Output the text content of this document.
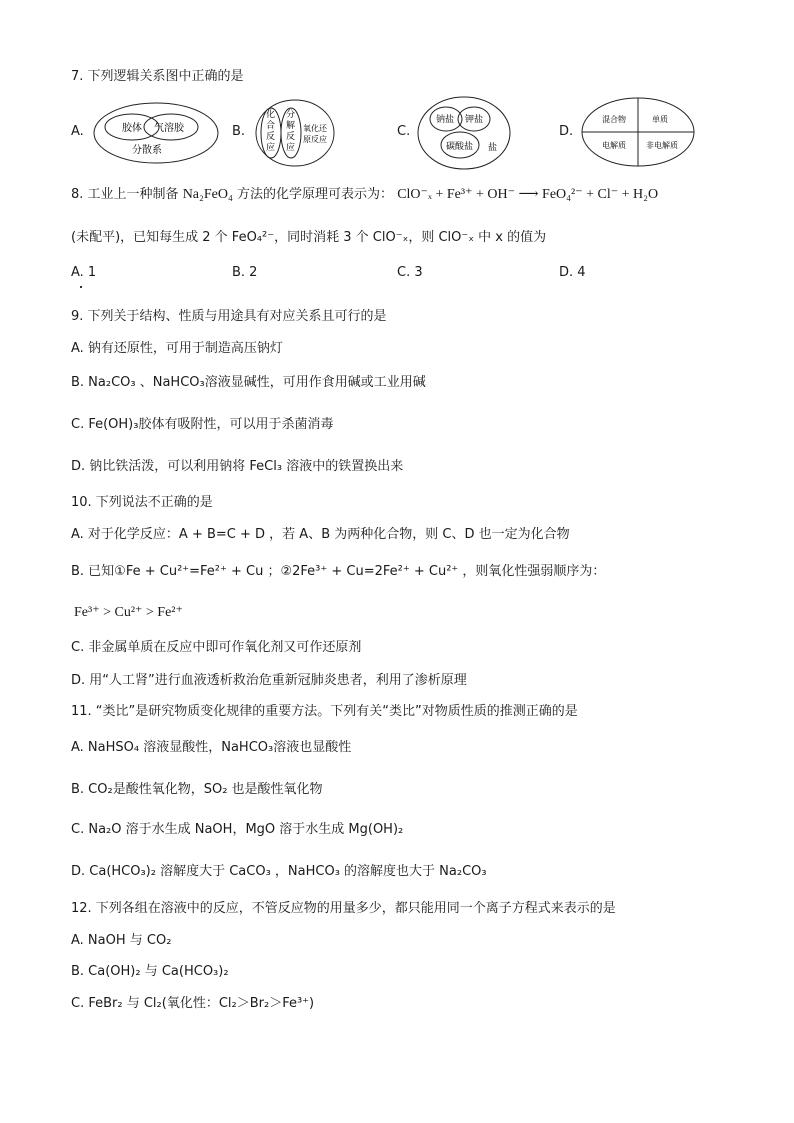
7. 下列逻辑关系图中正确的是
A.	胶体 气溶胶
分散系
B.
化
合
反
应
分
解
反
应
氧化还
原反应
C.
钠盐 钾盐
碳酸盐 盐
D.
混合物	单质
电解质	非电解质
8. 工业上一种制备 Na₂FeO₄ 方法的化学原理可表示为： ClO⁻ₓ + Fe³⁺ + OH⁻ ⟶ FeO₄²⁻ + Cl⁻ + H₂O
(未配平)，已知每生成 2 个 FeO₄²⁻，同时消耗 3 个 ClO⁻ₓ，则 ClO⁻ₓ 中 x 的值为
A. 1	B. 2	C. 3	D. 4
9. 下列关于结构、性质与用途具有对应关系且可行的是
A. 钠有还原性，可用于制造高压钠灯
B. Na₂CO₃ 、NaHCO₃溶液显碱性，可用作食用碱或工业用碱
C. Fe(OH)₃胶体有吸附性，可以用于杀菌消毒
D. 钠比铁活泼，可以利用钠将 FeCl₃ 溶液中的铁置换出来
10. 下列说法不正确的是
A. 对于化学反应：A + B=C + D ，若 A、B 为两种化合物，则 C、D 也一定为化合物
B. 已知①Fe + Cu²⁺=Fe²⁺ + Cu ；②2Fe³⁺ + Cu=2Fe²⁺ + Cu²⁺ ，则氧化性强弱顺序为：
Fe³⁺ > Cu²⁺ > Fe²⁺
C. 非金属单质在反应中即可作氧化剂又可作还原剂
D. 用“人工肾”进行血液透析救治危重新冠肺炎患者，利用了渗析原理
11. “类比”是研究物质变化规律的重要方法。下列有关“类比”对物质性质的推测正确的是
A. NaHSO₄ 溶液显酸性，NaHCO₃溶液也显酸性
B. CO₂是酸性氧化物，SO₂ 也是酸性氧化物
C. Na₂O 溶于水生成 NaOH，MgO 溶于水生成 Mg(OH)₂
D. Ca(HCO₃)₂ 溶解度大于 CaCO₃ ，NaHCO₃ 的溶解度也大于 Na₂CO₃
12. 下列各组在溶液中的反应，不管反应物的用量多少，都只能用同一个离子方程式来表示的是
A. NaOH 与 CO₂
B. Ca(OH)₂ 与 Ca(HCO₃)₂
C. FeBr₂ 与 Cl₂(氧化性：Cl₂＞Br₂＞Fe³⁺)
